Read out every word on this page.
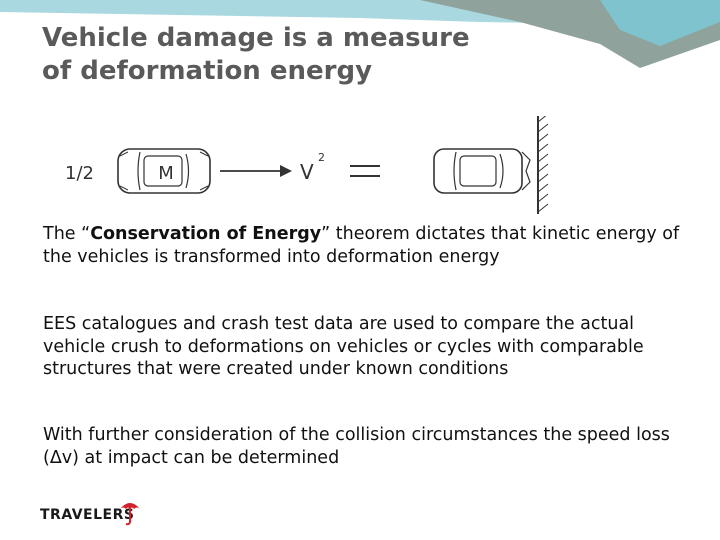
Vehicle damage is a measure
of deformation energy
1/2	M	V
2

The “Conservation of Energy” theorem dictates that kinetic energy of the vehicles is transformed into deformation energy

EES catalogues and crash test data are used to compare the actual vehicle crush to deformations on vehicles or cycles with comparable structures that were created under known conditions

With further consideration of the collision circumstances the speed loss (Δv) at impact can be determined

TRAVELERS
